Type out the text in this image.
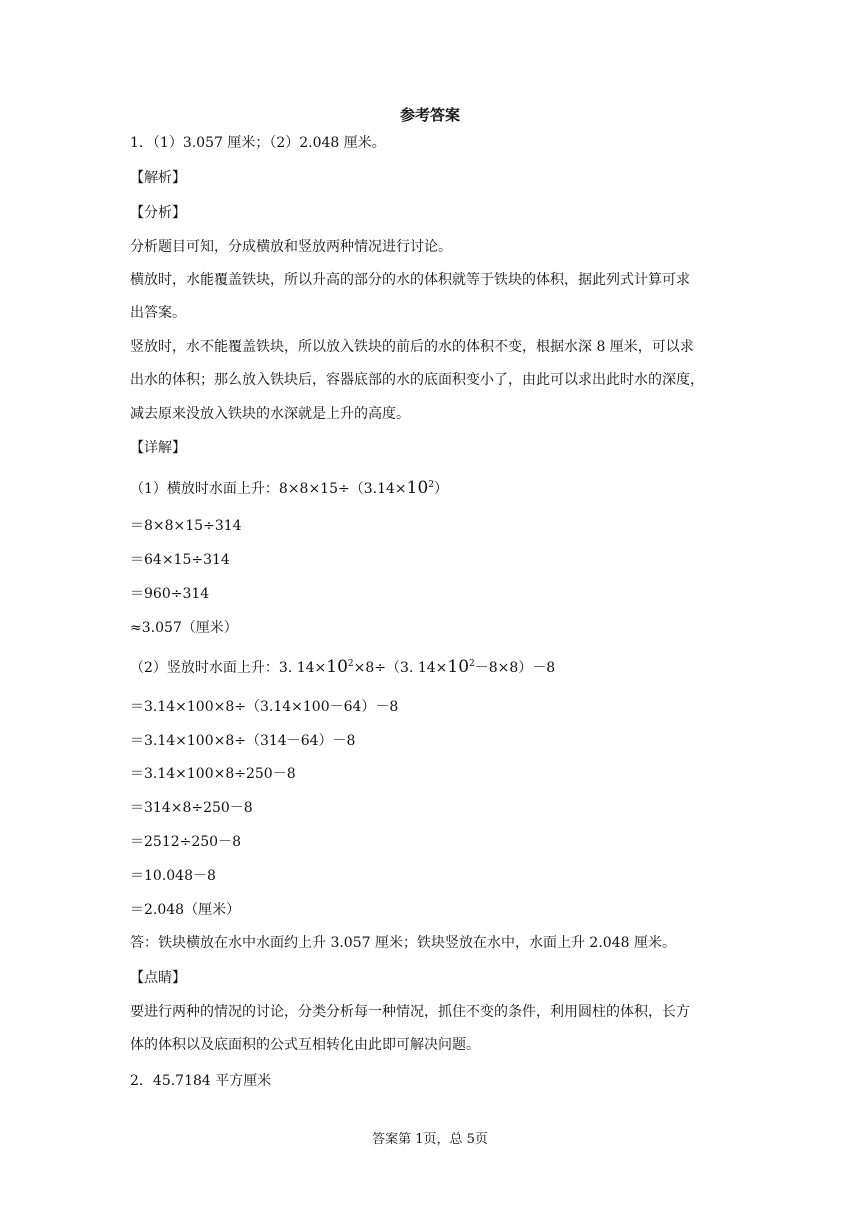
参考答案
1．（1）3.057 厘米；（2）2.048 厘米。
【解析】
【分析】
分析题目可知，分成横放和竖放两种情况进行讨论。
横放时，水能覆盖铁块，所以升高的部分的水的体积就等于铁块的体积，据此列式计算可求
出答案。
竖放时，水不能覆盖铁块，所以放入铁块的前后的水的体积不变，根据水深 8 厘米，可以求
出水的体积；那么放入铁块后，容器底部的水的底面积变小了，由此可以求出此时水的深度，
减去原来没放入铁块的水深就是上升的高度。
【详解】
（1）横放时水面上升：$8\times 8\times 15\div(3.14\times 10^2)$
＝8×8×15÷314
＝64×15÷314
＝960÷314
≈3.057（厘米）
（2）竖放时水面上升：3. $14\times 10^2\times 8\div(3$. $14\times 10^2-8\times 8)-8$
＝3.14×100×8÷（3.14×100－64）－8
＝3.14×100×8÷（314－64）－8
＝3.14×100×8÷250－8
＝314×8÷250－8
＝2512÷250－8
＝10.048－8
＝2.048（厘米）
答：铁块横放在水中水面约上升 3.057 厘米；铁块竖放在水中，水面上升 2.048 厘米。
【点睛】
要进行两种的情况的讨论，分类分析每一种情况，抓住不变的条件，利用圆柱的体积，长方
体的体积以及底面积的公式互相转化由此即可解决问题。
2．45.7184 平方厘米
答案第 1页，总 5页
